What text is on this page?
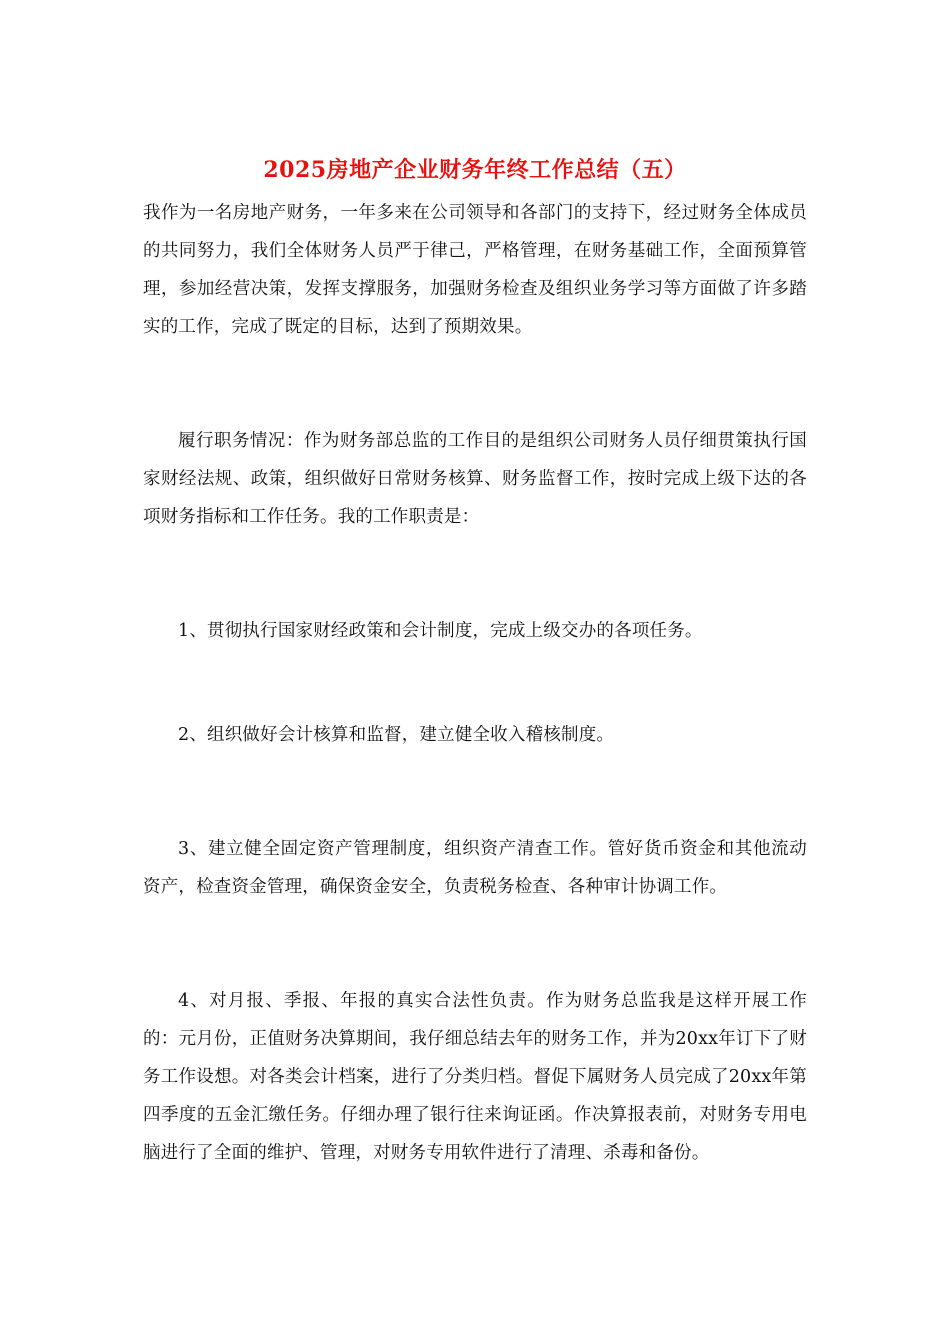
2025房地产企业财务年终工作总结（五）

我作为一名房地产财务，一年多来在公司领导和各部门的支持下，经过财务全体成员的共同努力，我们全体财务人员严于律己，严格管理，在财务基础工作，全面预算管理，参加经营决策，发挥支撑服务，加强财务检查及组织业务学习等方面做了许多踏实的工作，完成了既定的目标，达到了预期效果。

履行职务情况：作为财务部总监的工作目的是组织公司财务人员仔细贯策执行国家财经法规、政策，组织做好日常财务核算、财务监督工作，按时完成上级下达的各项财务指标和工作任务。我的工作职责是：

1、贯彻执行国家财经政策和会计制度，完成上级交办的各项任务。

2、组织做好会计核算和监督，建立健全收入稽核制度。

3、建立健全固定资产管理制度，组织资产清查工作。管好货币资金和其他流动资产，检查资金管理，确保资金安全，负责税务检查、各种审计协调工作。

4、对月报、季报、年报的真实合法性负责。作为财务总监我是这样开展工作的：元月份，正值财务决算期间，我仔细总结去年的财务工作，并为20xx年订下了财务工作设想。对各类会计档案，进行了分类归档。督促下属财务人员完成了20xx年第四季度的五金汇缴任务。仔细办理了银行往来询证函。作决算报表前，对财务专用电脑进行了全面的维护、管理，对财务专用软件进行了清理、杀毒和备份。
